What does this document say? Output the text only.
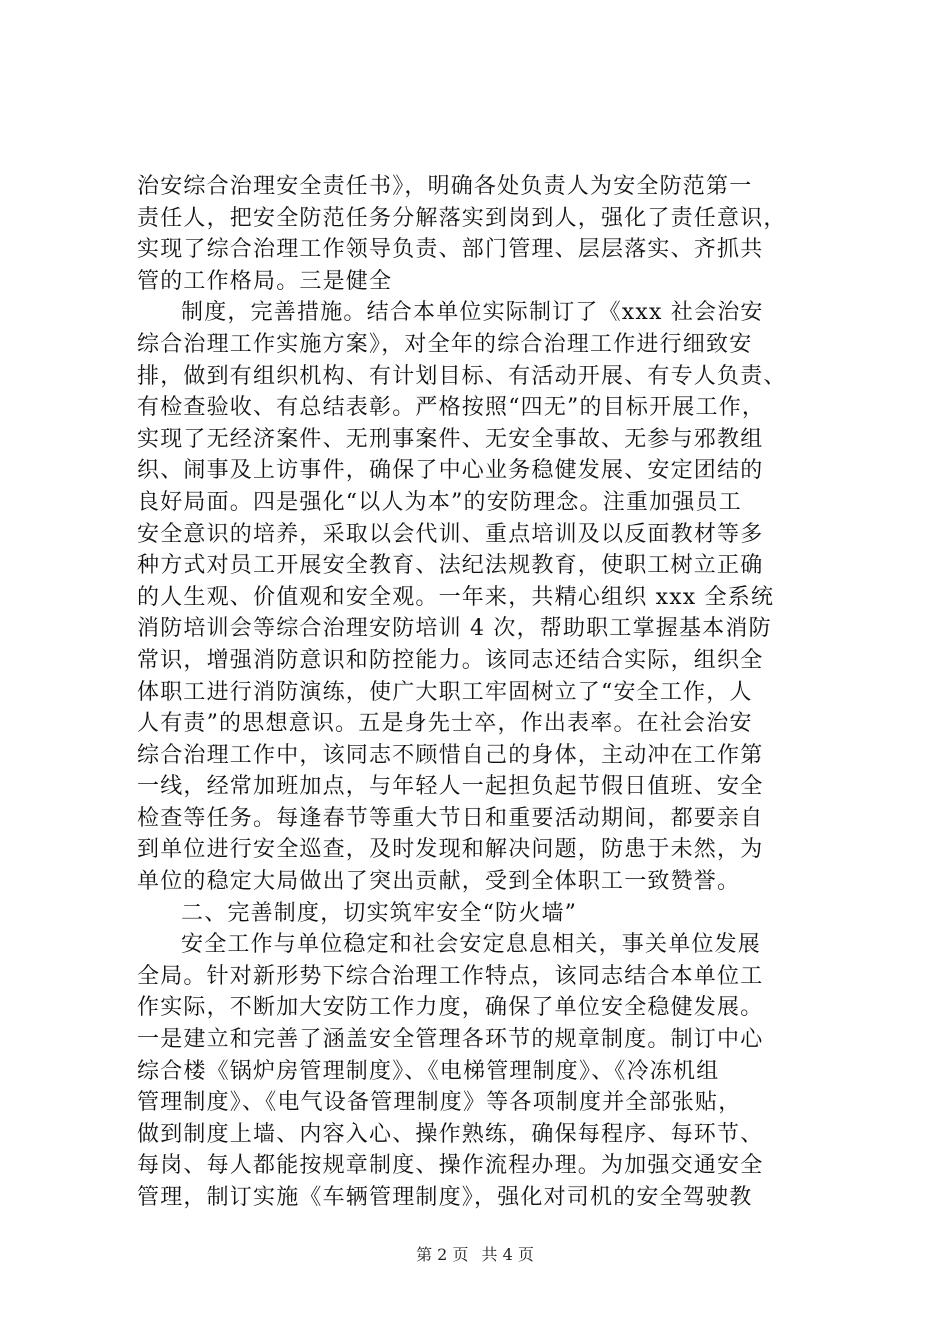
治安综合治理安全责任书》，明确各处负责人为安全防范第一
责任人，把安全防范任务分解落实到岗到人，强化了责任意识，
实现了综合治理工作领导负责、部门管理、层层落实、齐抓共
管的工作格局。三是健全
制度，完善措施。结合本单位实际制订了《xxx 社会治安
综合治理工作实施方案》，对全年的综合治理工作进行细致安
排，做到有组织机构、有计划目标、有活动开展、有专人负责、
有检查验收、有总结表彰。严格按照“四无”的目标开展工作，
实现了无经济案件、无刑事案件、无安全事故、无参与邪教组
织、闹事及上访事件，确保了中心业务稳健发展、安定团结的
良好局面。四是强化“以人为本”的安防理念。注重加强员工
安全意识的培养，采取以会代训、重点培训及以反面教材等多
种方式对员工开展安全教育、法纪法规教育，使职工树立正确
的人生观、价值观和安全观。一年来，共精心组织 xxx 全系统
消防培训会等综合治理安防培训 4 次，帮助职工掌握基本消防
常识，增强消防意识和防控能力。该同志还结合实际，组织全
体职工进行消防演练，使广大职工牢固树立了“安全工作，人
人有责”的思想意识。五是身先士卒，作出表率。在社会治安
综合治理工作中，该同志不顾惜自己的身体，主动冲在工作第
一线，经常加班加点，与年轻人一起担负起节假日值班、安全
检查等任务。每逢春节等重大节日和重要活动期间，都要亲自
到单位进行安全巡查，及时发现和解决问题，防患于未然，为
单位的稳定大局做出了突出贡献，受到全体职工一致赞誉。
二、完善制度，切实筑牢安全“防火墙”
安全工作与单位稳定和社会安定息息相关，事关单位发展
全局。针对新形势下综合治理工作特点，该同志结合本单位工
作实际，不断加大安防工作力度，确保了单位安全稳健发展。
一是建立和完善了涵盖安全管理各环节的规章制度。制订中心
综合楼《锅炉房管理制度》、《电梯管理制度》、《冷冻机组
管理制度》、《电气设备管理制度》等各项制度并全部张贴，
做到制度上墙、内容入心、操作熟练，确保每程序、每环节、
每岗、每人都能按规章制度、操作流程办理。为加强交通安全
管理，制订实施《车辆管理制度》，强化对司机的安全驾驶教
第 2 页 共 4 页
